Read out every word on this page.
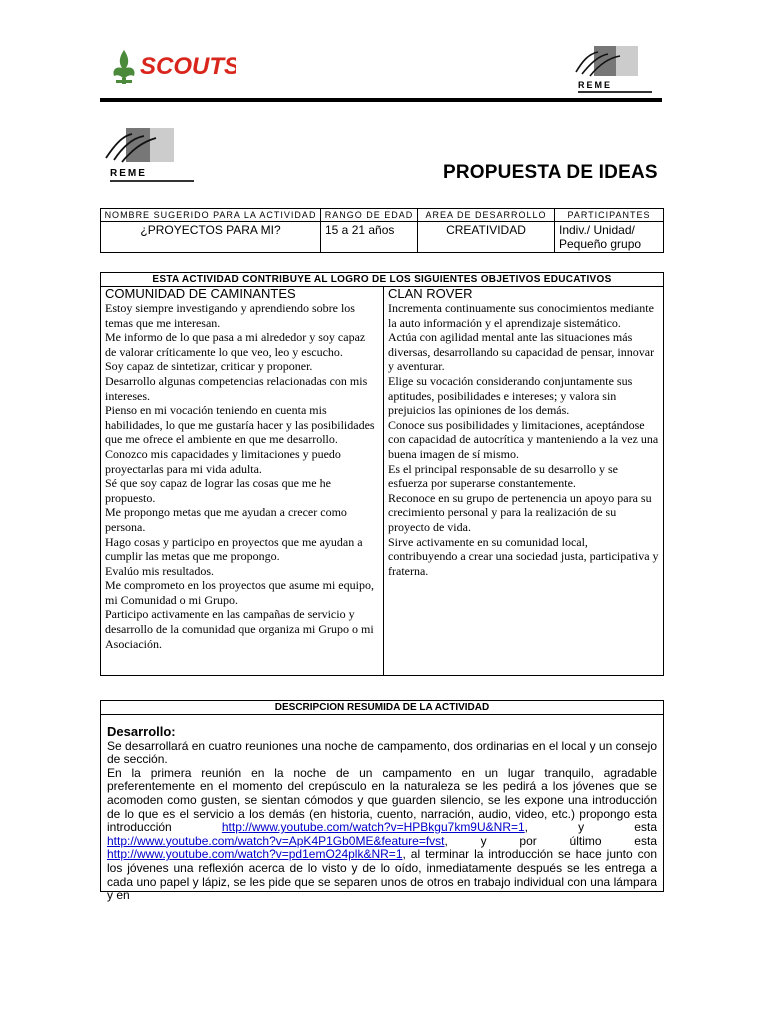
SCOUTS
REME
REME	PROPUESTA DE IDEAS
NOMBRE SUGERIDO PARA LA ACTIVIDAD	RANGO DE EDAD	AREA DE DESARROLLO	PARTICIPANTES
¿PROYECTOS PARA MI?	15 a 21 años	CREATIVIDAD	Indiv./ Unidad/ Pequeño grupo
ESTA ACTIVIDAD CONTRIBUYE AL LOGRO DE LOS SIGUIENTES OBJETIVOS EDUCATIVOS

COMUNIDAD DE CAMINANTES

Estoy siempre investigando y aprendiendo sobre los temas que me interesan.

Me informo de lo que pasa a mi alrededor y soy capaz de valorar críticamente lo que veo, leo y escucho.

Soy capaz de sintetizar, criticar y proponer.

Desarrollo algunas competencias relacionadas con mis intereses.

Pienso en mi vocación teniendo en cuenta mis habilidades, lo que me gustaría hacer y las posibilidades que me ofrece el ambiente en que me desarrollo.

Conozco mis capacidades y limitaciones y puedo proyectarlas para mi vida adulta.

Sé que soy capaz de lograr las cosas que me he propuesto.

Me propongo metas que me ayudan a crecer como persona.

Hago cosas y participo en proyectos que me ayudan a cumplir las metas que me propongo.

Evalúo mis resultados.

Me comprometo en los proyectos que asume mi equipo, mi Comunidad o mi Grupo.

Participo activamente en las campañas de servicio y desarrollo de la comunidad que organiza mi Grupo o mi Asociación.

CLAN ROVER

Incrementa continuamente sus conocimientos mediante la auto información y el aprendizaje sistemático.

Actúa con agilidad mental ante las situaciones más diversas, desarrollando su capacidad de pensar, innovar y aventurar.

Elige su vocación considerando conjuntamente sus aptitudes, posibilidades e intereses; y valora sin prejuicios las opiniones de los demás.

Conoce sus posibilidades y limitaciones, aceptándose con capacidad de autocrítica y manteniendo a la vez una buena imagen de sí mismo.

Es el principal responsable de su desarrollo y se esfuerza por superarse constantemente.

Reconoce en su grupo de pertenencia un apoyo para su crecimiento personal y para la realización de su proyecto de vida.

Sirve activamente en su comunidad local, contribuyendo a crear una sociedad justa, participativa y fraterna.

DESCRIPCION RESUMIDA DE LA ACTIVIDAD
Desarrollo:

Se desarrollará en cuatro reuniones una noche de campamento, dos ordinarias en el local y un consejo de sección.

En la primera reunión en la noche de un campamento en un lugar tranquilo, agradable preferentemente en el momento del crepúsculo en la naturaleza se les pedirá a los jóvenes que se acomoden como gusten, se sientan cómodos y que guarden silencio, se les expone una introducción de lo que es el servicio a los demás (en historia, cuento, narración, audio, video, etc.) propongo esta introducción http://www.youtube.com/watch?v=HPBkgu7km9U&NR=1, y esta http://www.youtube.com/watch?v=ApK4P1Gb0ME&feature=fvst, y por último esta http://www.youtube.com/watch?v=pd1emO24plk&NR=1, al terminar la introducción se hace junto con los jóvenes una reflexión acerca de lo visto y de lo oído, inmediatamente después se les entrega a cada uno papel y lápiz, se les pide que se separen unos de otros en trabajo individual con una lámpara y en
